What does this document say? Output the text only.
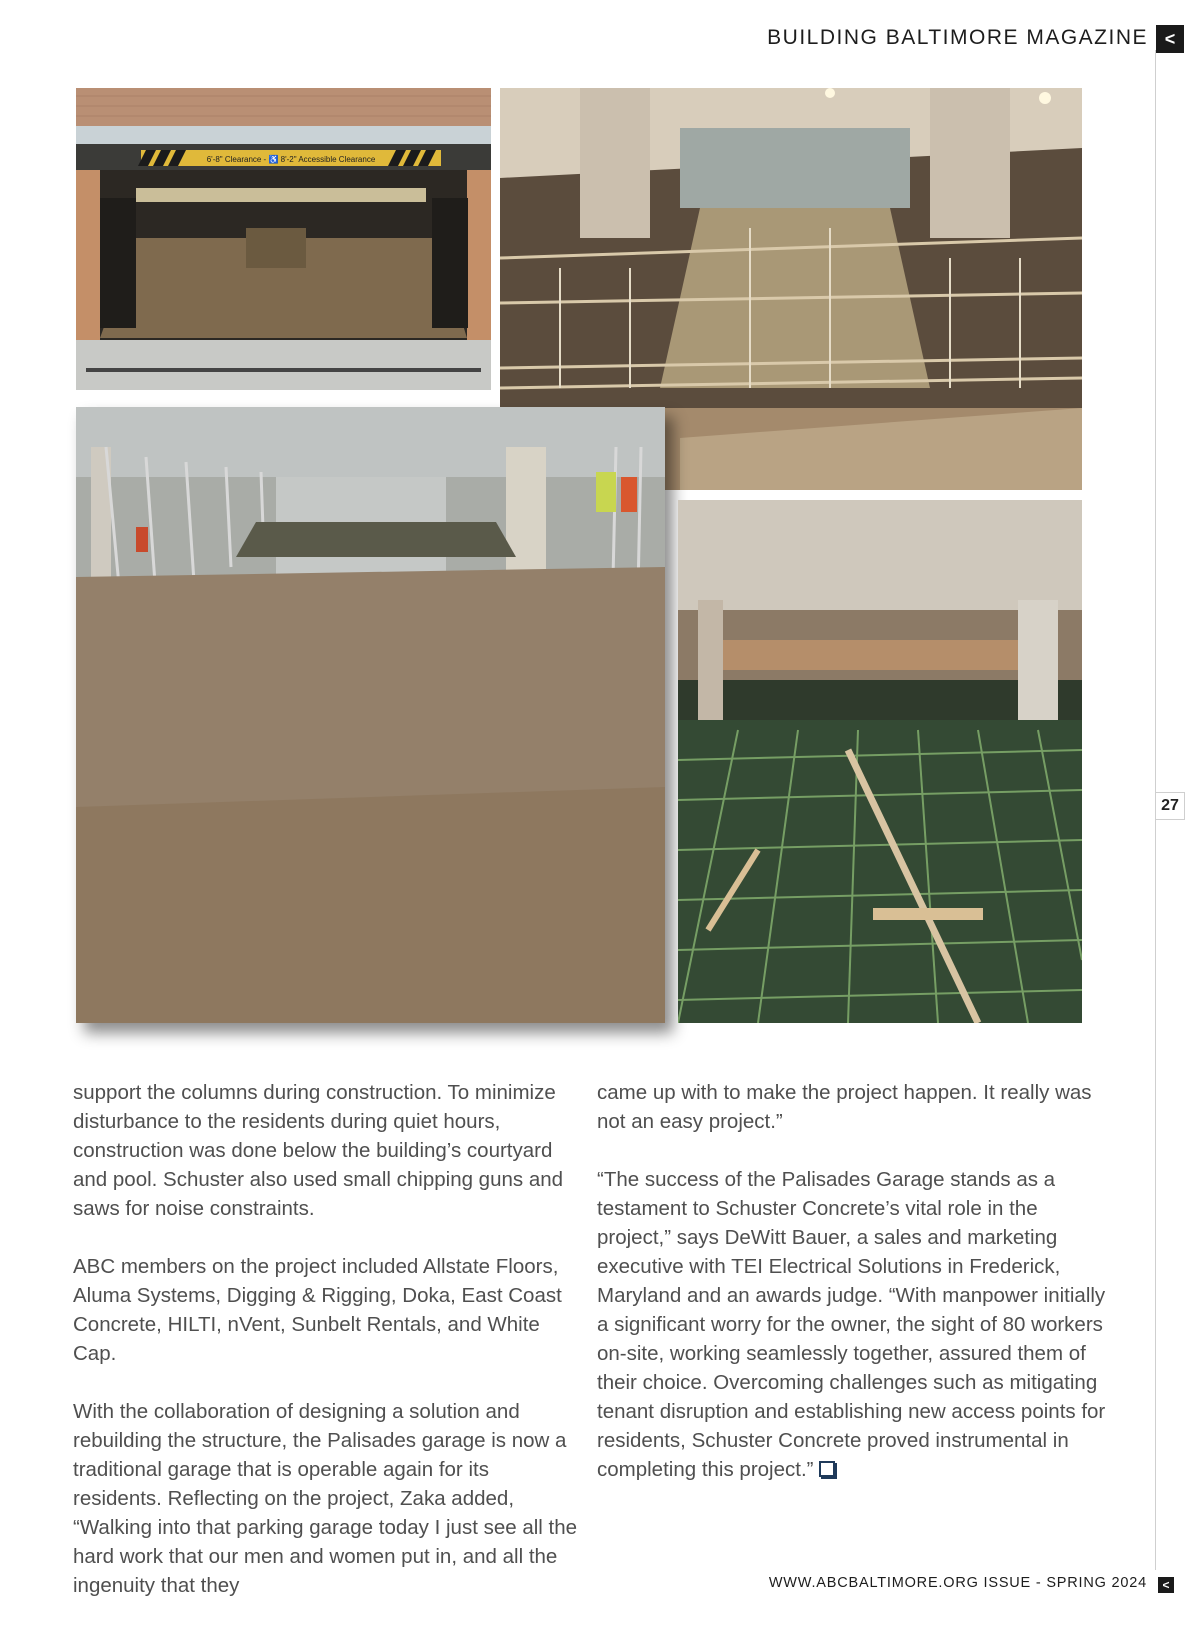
BUILDING BALTIMORE MAGAZINE <
27
6'-8" Clearance - ♿ 8'-2" Accessible Clearance

support the columns during construction. To minimize disturbance to the residents during quiet hours, construction was done below the building’s courtyard and pool. Schuster also used small chipping guns and saws for noise constraints.

ABC members on the project included Allstate Floors, Aluma Systems, Digging & Rigging, Doka, East Coast Concrete, HILTI, nVent, Sunbelt Rentals, and White Cap.

With the collaboration of designing a solution and rebuilding the structure, the Palisades garage is now a traditional garage that is operable again for its residents. Reflecting on the project, Zaka added, “Walking into that parking garage today I just see all the hard work that our men and women put in, and all the ingenuity that they

came up with to make the project happen. It really was not an easy project.”

“The success of the Palisades Garage stands as a testament to Schuster Concrete’s vital role in the project,” says DeWitt Bauer, a sales and marketing executive with TEI Electrical Solutions in Frederick, Maryland and an awards judge. “With manpower initially a significant worry for the owner, the sight of 80 workers on-site, working seamlessly together, assured them of their choice. Overcoming challenges such as mitigating tenant disruption and establishing new access points for residents, Schuster Concrete proved instrumental in completing this project.”

WWW.ABCBALTIMORE.ORG ISSUE - SPRING 2024	<
